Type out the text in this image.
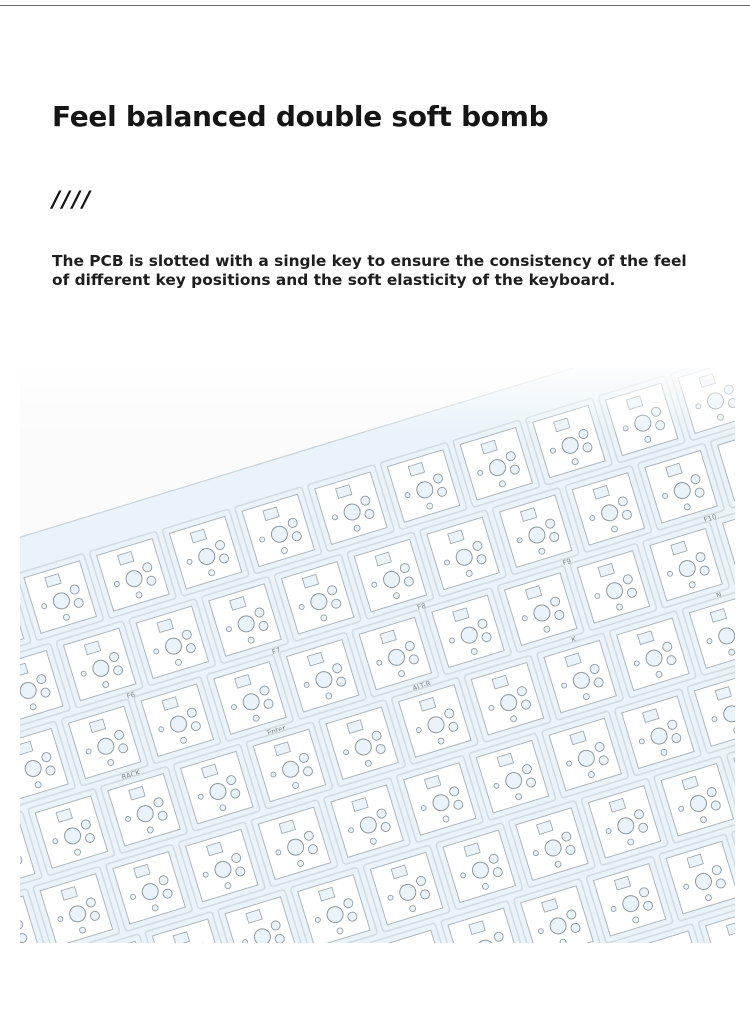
Feel balanced double soft bomb
////

The PCB is slotted with a single key to ensure the consistency of the feel of different key positions and the soft elasticity of the keyboard.
